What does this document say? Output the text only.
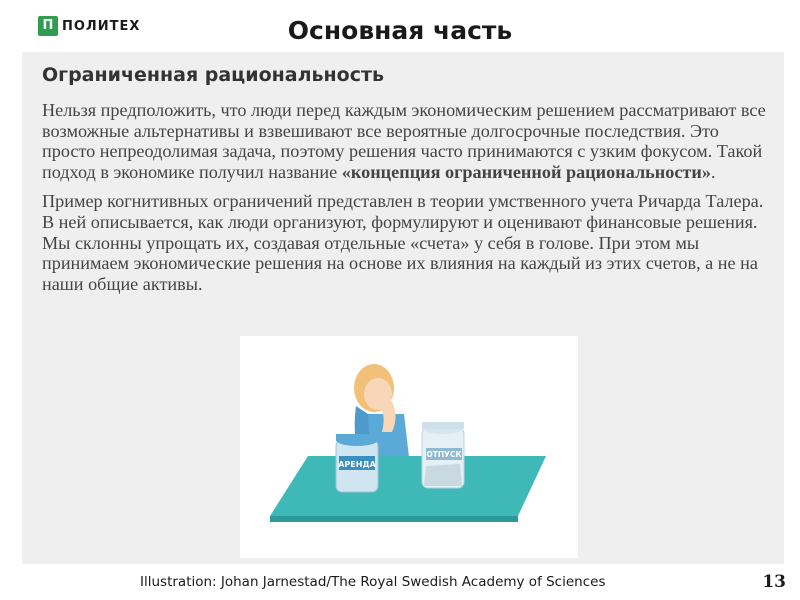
П ПОЛИТЕХ	Основная часть
Ограниченная рациональность

Нельзя предположить, что люди перед каждым экономическим решением рассматривают все возможные альтернативы и взвешивают все вероятные долгосрочные последствия. Это просто непреодолимая задача, поэтому решения часто принимаются с узким фокусом. Такой подход в экономике получил название «концепция ограниченной рациональности».

Пример когнитивных ограничений представлен в теории умственного учета Ричарда Талера. В ней описывается, как люди организуют, формулируют и оценивают финансовые решения. Мы склонны упрощать их, создавая отдельные «счета» у себя в голове. При этом мы принимаем экономические решения на основе их влияния на каждый из этих счетов, а не на наши общие активы.

АРЕНДА
ОТПУСК
Illustration: Johan Jarnestad/The Royal Swedish Academy of Sciences	13
